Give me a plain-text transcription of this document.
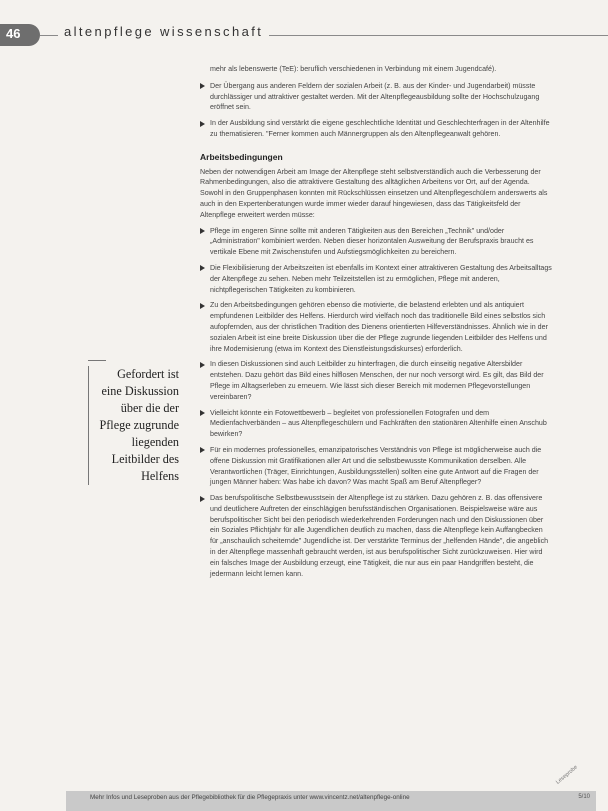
46	altenpflege wissenschaft

mehr als lebenswerte (TeE): beruflich verschiedenen in Verbindung mit einem Jugendcafé).

Der Übergang aus anderen Feldern der sozialen Arbeit (z. B. aus der Kinder- und Jugendarbeit) müsste durchlässiger und attraktiver gestaltet werden. Mit der Altenpflegeausbildung sollte der Hochschulzugang eröffnet sein.

In der Ausbildung sind verstärkt die eigene geschlechtliche Identität und Geschlechterfragen in der Altenhilfe zu thematisieren. "Ferner kommen auch Männergruppen als den Altenpflegeanwalt gehören.

Arbeitsbedingungen

Neben der notwendigen Arbeit am Image der Altenpflege steht selbstverständlich auch die Verbesserung der Rahmenbedingungen, also die attraktivere Gestaltung des alltäglichen Arbeitens vor Ort, auf der Agenda. Sowohl in den Gruppenphasen konnten mit Rückschlüssen einsetzen und Altenpflegeschülern anderswerts als auch in den Expertenberatungen wurde immer wieder darauf hingewiesen, dass das Tätigkeitsfeld der Altenpflege erweitert werden müsse:

Pflege im engeren Sinne sollte mit anderen Tätigkeiten aus den Bereichen „Technik" und/oder „Administration" kombiniert werden. Neben dieser horizontalen Ausweitung der Berufspraxis braucht es vertikale Ebene mit Zwischenstufen und Aufstiegsmöglichkeiten zu bereichern.

Die Flexibilisierung der Arbeitszeiten ist ebenfalls im Kontext einer attraktiveren Gestaltung des Arbeitsalltags der Altenpflege zu sehen. Neben mehr Teilzeitstellen ist zu ermöglichen, Pflege mit anderen, nichtpflegerischen Tätigkeiten zu kombinieren.

Zu den Arbeitsbedingungen gehören ebenso die motivierte, die belastend erlebten und als antiquiert empfundenen Leitbilder des Helfens. Hierdurch wird vielfach noch das traditionelle Bild eines selbstlos sich aufopfernden, aus der christlichen Tradition des Dienens orientierten Hilfeverständnisses. Ähnlich wie in der sozialen Arbeit ist eine breite Diskussion über die der Pflege zugrunde liegenden Leitbilder des Helfens und ihre Modernisierung (etwa im Kontext des Dienstleistungsdiskurses) erforderlich.

In diesen Diskussionen sind auch Leitbilder zu hinterfragen, die durch einseitig negative Altersbilder entstehen. Dazu gehört das Bild eines hilflosen Menschen, der nur noch versorgt wird. Es gilt, das Bild der Pflege im Alltagserleben zu erneuern. Wie lässt sich dieser Bereich mit modernen Pflegevorstellungen vereinbaren?

Vielleicht könnte ein Fotowettbewerb – begleitet von professionellen Fotografen und dem Medienfachverbänden – aus Altenpflegeschülern und Fachkräften den stationären Altenhilfe einen Anschub bewirken?

Für ein modernes professionelles, emanzipatorisches Verständnis von Pflege ist möglicherweise auch die offene Diskussion mit Gratifikationen aller Art und die selbstbewusste Kommunikation derselben. Alle Verantwortlichen (Träger, Einrichtungen, Ausbildungsstellen) sollten eine gute Antwort auf die Fragen der jungen Männer haben: Was habe ich davon? Was macht Spaß am Beruf Altenpfleger?

Das berufspolitische Selbstbewusstsein der Altenpflege ist zu stärken. Dazu gehören z. B. das offensivere und deutlichere Auftreten der einschlägigen berufsständischen Organisationen. Beispielsweise wäre aus berufspolitischer Sicht bei den periodisch wiederkehrenden Forderungen nach und den Diskussionen über ein Soziales Pflichtjahr für alle Jugendlichen deutlich zu machen, dass die Altenpflege kein Auffangbecken für „anschaulich scheiternde" Jugendliche ist. Der verstärkte Terminus der „helfenden Hände", die angeblich in der Altenpflege massenhaft gebraucht werden, ist aus berufspolitischer Sicht zurückzuweisen. Hier wird ein falsches Image der Ausbildung erzeugt, eine Tätigkeit, die nur aus ein paar Handgriffen besteht, die jedermann leicht lernen kann.

Gefordert ist
eine Diskussion
über die der
Pflege zugrunde
liegenden
Leitbilder des
Helfens
Mehr Infos und Leseproben aus der Pflegebibliothek für die Pflegepraxis unter www.vincentz.net/altenpflege-online	5/10
Leseprobe
